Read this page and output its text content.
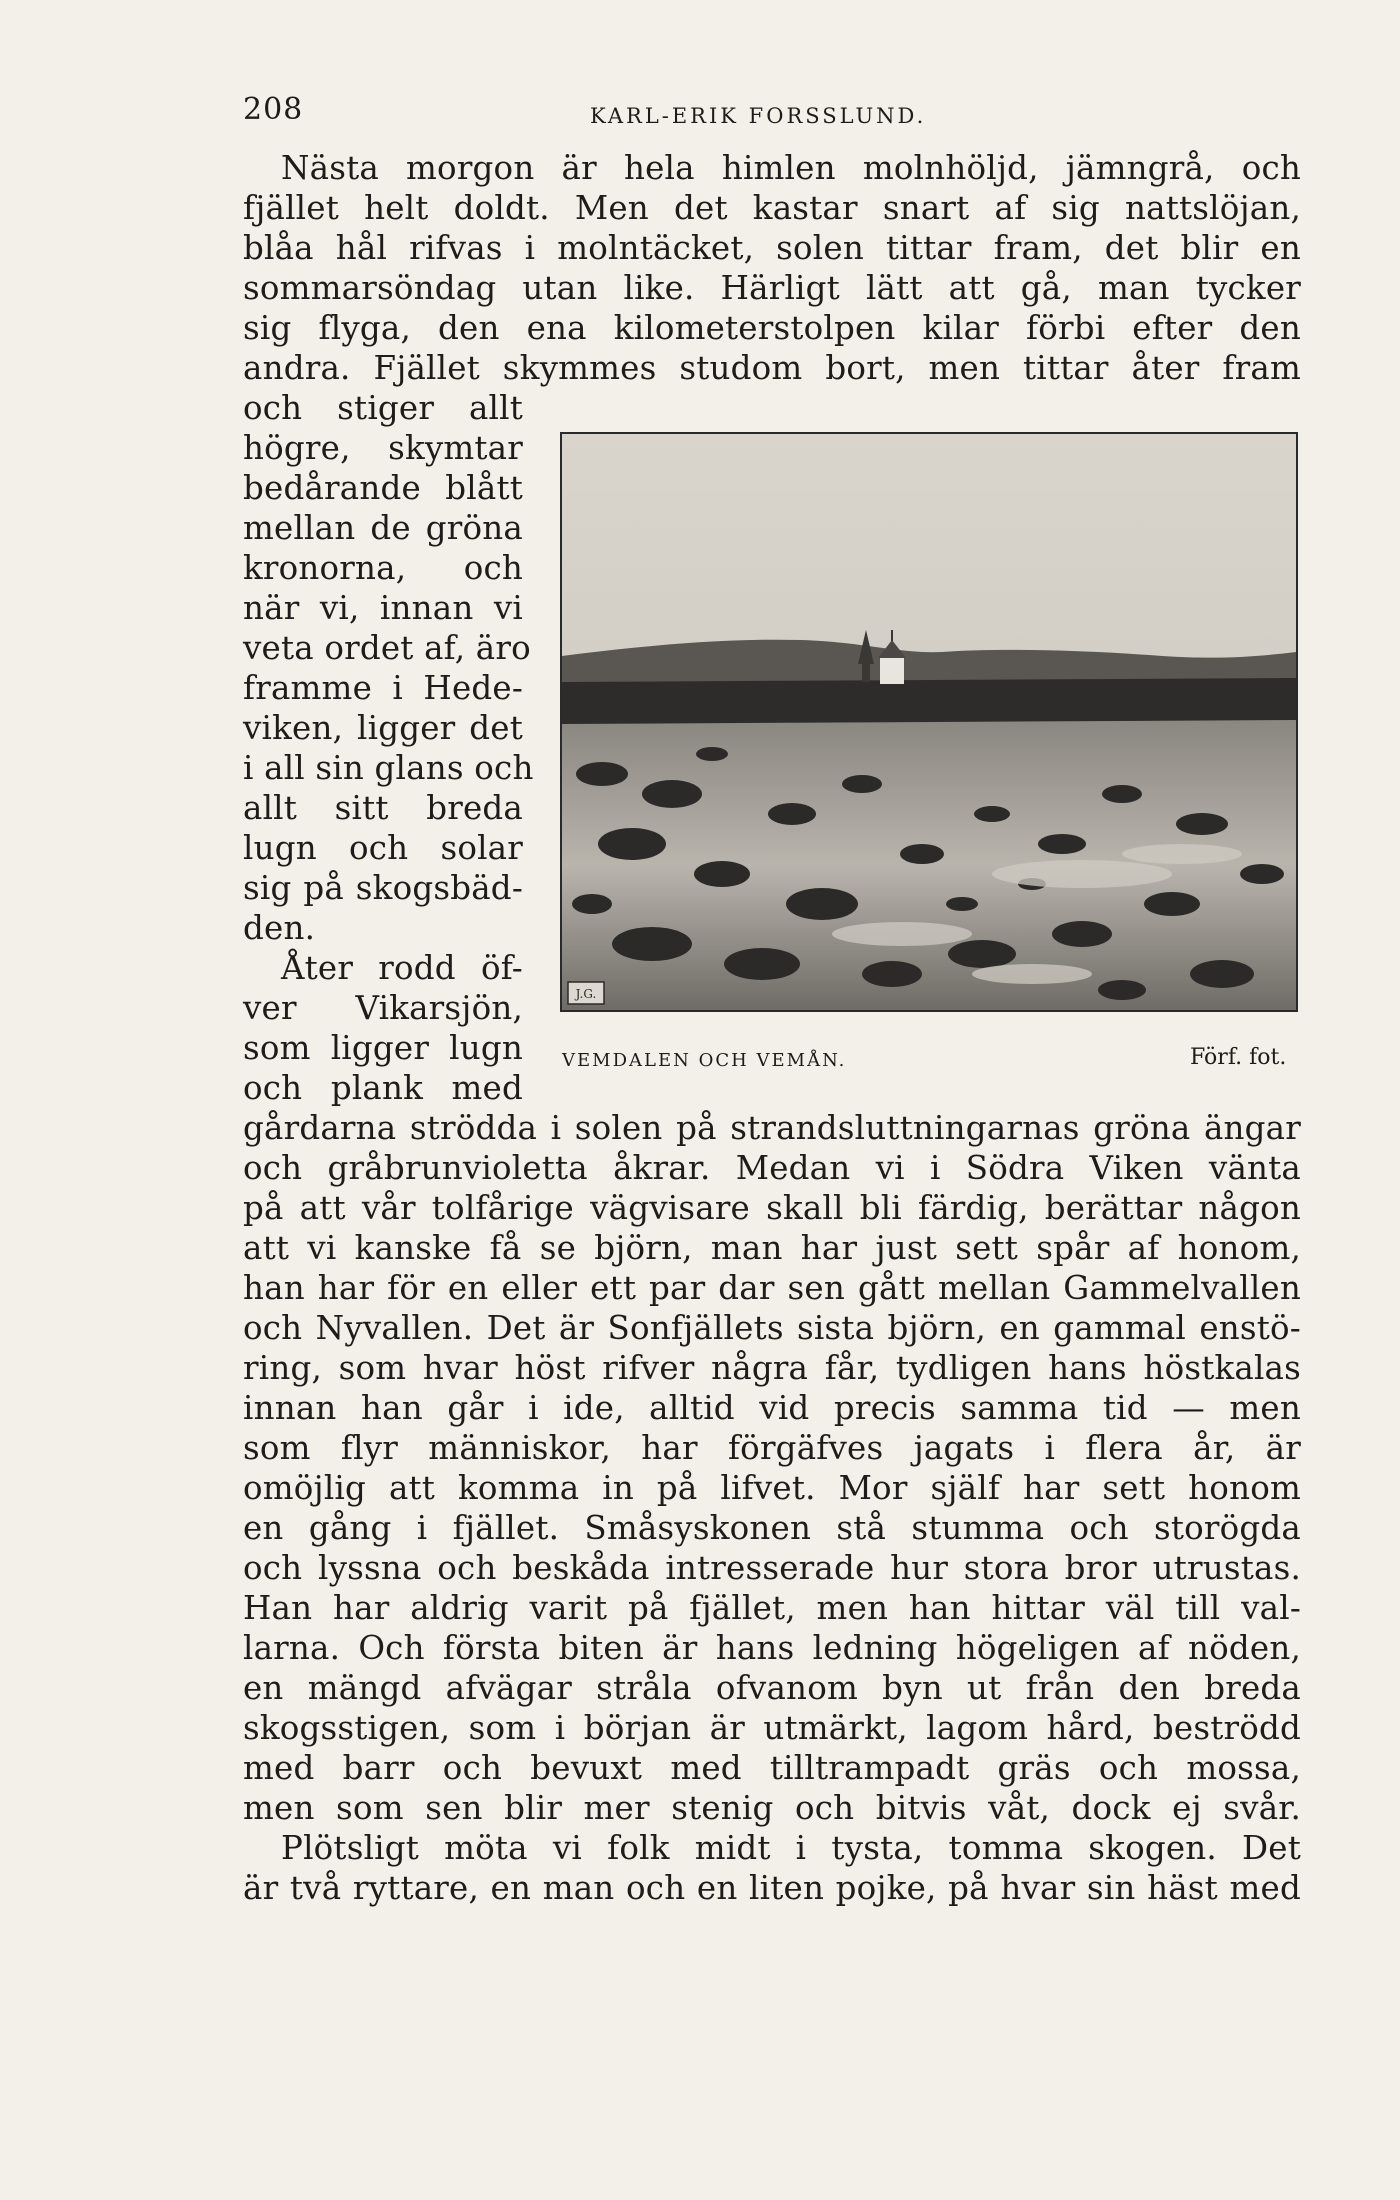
208	KARL-ERIK FORSSLUND.
Nästa morgon är hela himlen molnhöljd, jämngrå, och
fjället helt doldt. Men det kastar snart af sig nattslöjan,
blåa hål rifvas i molntäcket, solen tittar fram, det blir en
sommarsöndag utan like. Härligt lätt att gå, man tycker
sig flyga, den ena kilometerstolpen kilar förbi efter den
andra. Fjället skymmes studom bort, men tittar åter fram
och stiger allt
högre, skymtar
bedårande blått
mellan de gröna
kronorna, och
när vi, innan vi
veta ordet af, äro
framme i Hede-
viken, ligger det
i all sin glans och
allt sitt breda
lugn och solar
sig på skogsbäd-
den.
Åter rodd öf-
ver Vikarsjön,
som ligger lugn
och plank med
gårdarna strödda i solen på strandsluttningarnas gröna ängar
och gråbrunvioletta åkrar. Medan vi i Södra Viken vänta
på att vår tolfårige vägvisare skall bli färdig, berättar någon
att vi kanske få se björn, man har just sett spår af honom,
han har för en eller ett par dar sen gått mellan Gammelvallen
och Nyvallen. Det är Sonfjällets sista björn, en gammal enstö-
ring, som hvar höst rifver några får, tydligen hans höstkalas
innan han går i ide, alltid vid precis samma tid — men
som flyr människor, har förgäfves jagats i flera år, är
omöjlig att komma in på lifvet. Mor själf har sett honom
en gång i fjället. Småsyskonen stå stumma och storögda
och lyssna och beskåda intresserade hur stora bror utrustas.
Han har aldrig varit på fjället, men han hittar väl till val-
larna. Och första biten är hans ledning högeligen af nöden,
en mängd afvägar stråla ofvanom byn ut från den breda
skogsstigen, som i början är utmärkt, lagom hård, beströdd
med barr och bevuxt med tilltrampadt gräs och mossa,
men som sen blir mer stenig och bitvis våt, dock ej svår.
Plötsligt möta vi folk midt i tysta, tomma skogen. Det
är två ryttare, en man och en liten pojke, på hvar sin häst med
J.G.
VEMDALEN OCH VEMÅN.	Förf. fot.
